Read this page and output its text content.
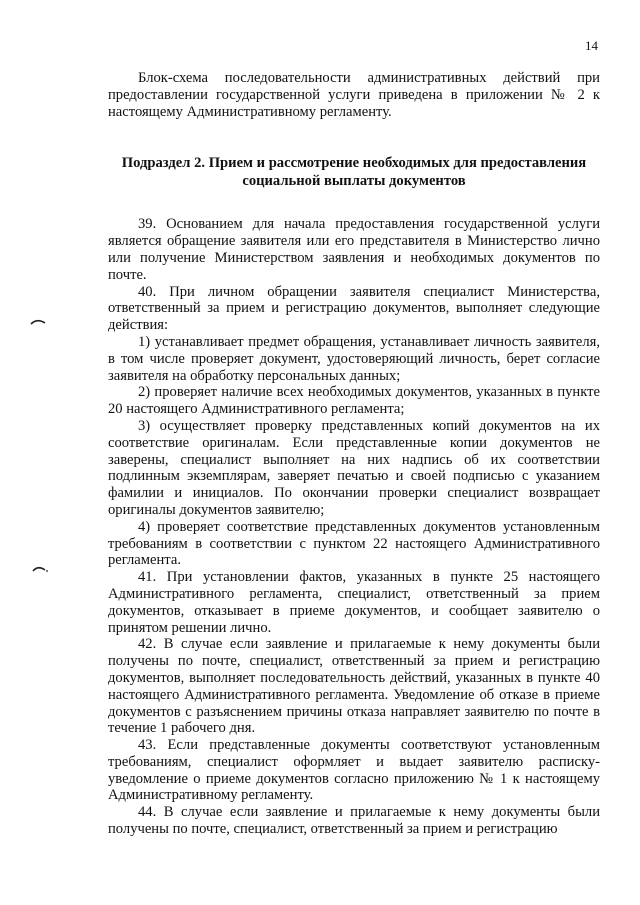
14

Блок-схема последовательности административных действий при предоставлении государственной услуги приведена в приложении № 2 к настоящему Административному регламенту.

Подраздел 2. Прием и рассмотрение необходимых для предоставления
социальной выплаты документов

39. Основанием для начала предоставления государственной услуги является обращение заявителя или его представителя в Министерство лично или получение Министерством заявления и необходимых документов по почте.

40. При личном обращении заявителя специалист Министерства, ответственный за прием и регистрацию документов, выполняет следующие действия:

1) устанавливает предмет обращения, устанавливает личность заявителя, в том числе проверяет документ, удостоверяющий личность, берет согласие заявителя на обработку персональных данных;

2) проверяет наличие всех необходимых документов, указанных в пункте 20 настоящего Административного регламента;

3) осуществляет проверку представленных копий документов на их соответствие оригиналам. Если представленные копии документов не заверены, специалист выполняет на них надпись об их соответствии подлинным экземплярам, заверяет печатью и своей подписью с указанием фамилии и инициалов. По окончании проверки специалист возвращает оригиналы документов заявителю;

4) проверяет соответствие представленных документов установленным требованиям в соответствии с пунктом 22 настоящего Административного регламента.

41. При установлении фактов, указанных в пункте 25 настоящего Административного регламента, специалист, ответственный за прием документов, отказывает в приеме документов, и сообщает заявителю о принятом решении лично.

42. В случае если заявление и прилагаемые к нему документы были получены по почте, специалист, ответственный за прием и регистрацию документов, выполняет последовательность действий, указанных в пункте 40 настоящего Административного регламента. Уведомление об отказе в приеме документов с разъяснением причины отказа направляет заявителю по почте в течение 1 рабочего дня.

43. Если представленные документы соответствуют установленным требованиям, специалист оформляет и выдает заявителю расписку-уведомление о приеме документов согласно приложению № 1 к настоящему Административному регламенту.

44. В случае если заявление и прилагаемые к нему документы были получены по почте, специалист, ответственный за прием и регистрацию
